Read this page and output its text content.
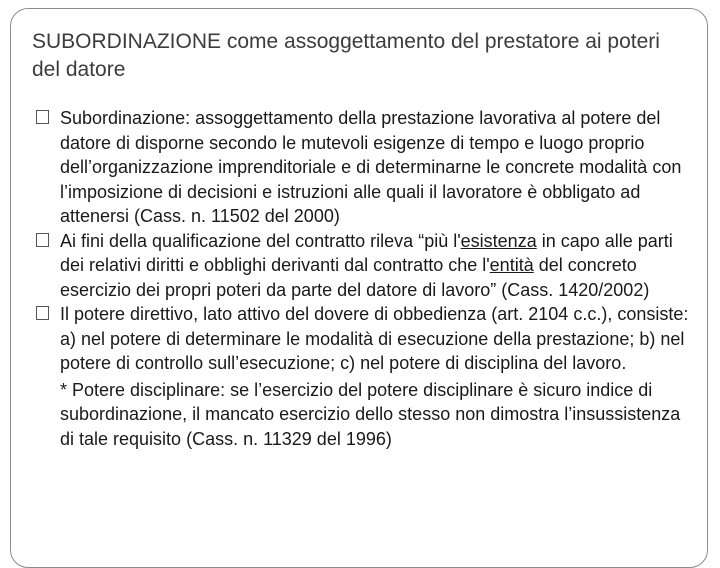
SUBORDINAZIONE come assoggettamento del prestatore ai poteri del datore

Subordinazione: assoggettamento della prestazione lavorativa al potere del datore di disporne secondo le mutevoli esigenze di tempo e luogo proprio dell’organizzazione imprenditoriale e di determinarne le concrete modalità con l’imposizione di decisioni e istruzioni alle quali il lavoratore è obbligato ad attenersi (Cass. n. 11502 del 2000)

Ai fini della qualificazione del contratto rileva “più l'esistenza in capo alle parti dei relativi diritti e obblighi derivanti dal contratto che l'entità del concreto esercizio dei propri poteri da parte del datore di lavoro” (Cass. 1420/2002)

Il potere direttivo, lato attivo del dovere di obbedienza (art. 2104 c.c.), consiste: a) nel potere di determinare le modalità di esecuzione della prestazione; b) nel potere di controllo sull’esecuzione; c) nel potere di disciplina del lavoro.

* Potere disciplinare: se l’esercizio del potere disciplinare è sicuro indice di subordinazione, il mancato esercizio dello stesso non dimostra l’insussistenza di tale requisito (Cass. n. 11329 del 1996)
